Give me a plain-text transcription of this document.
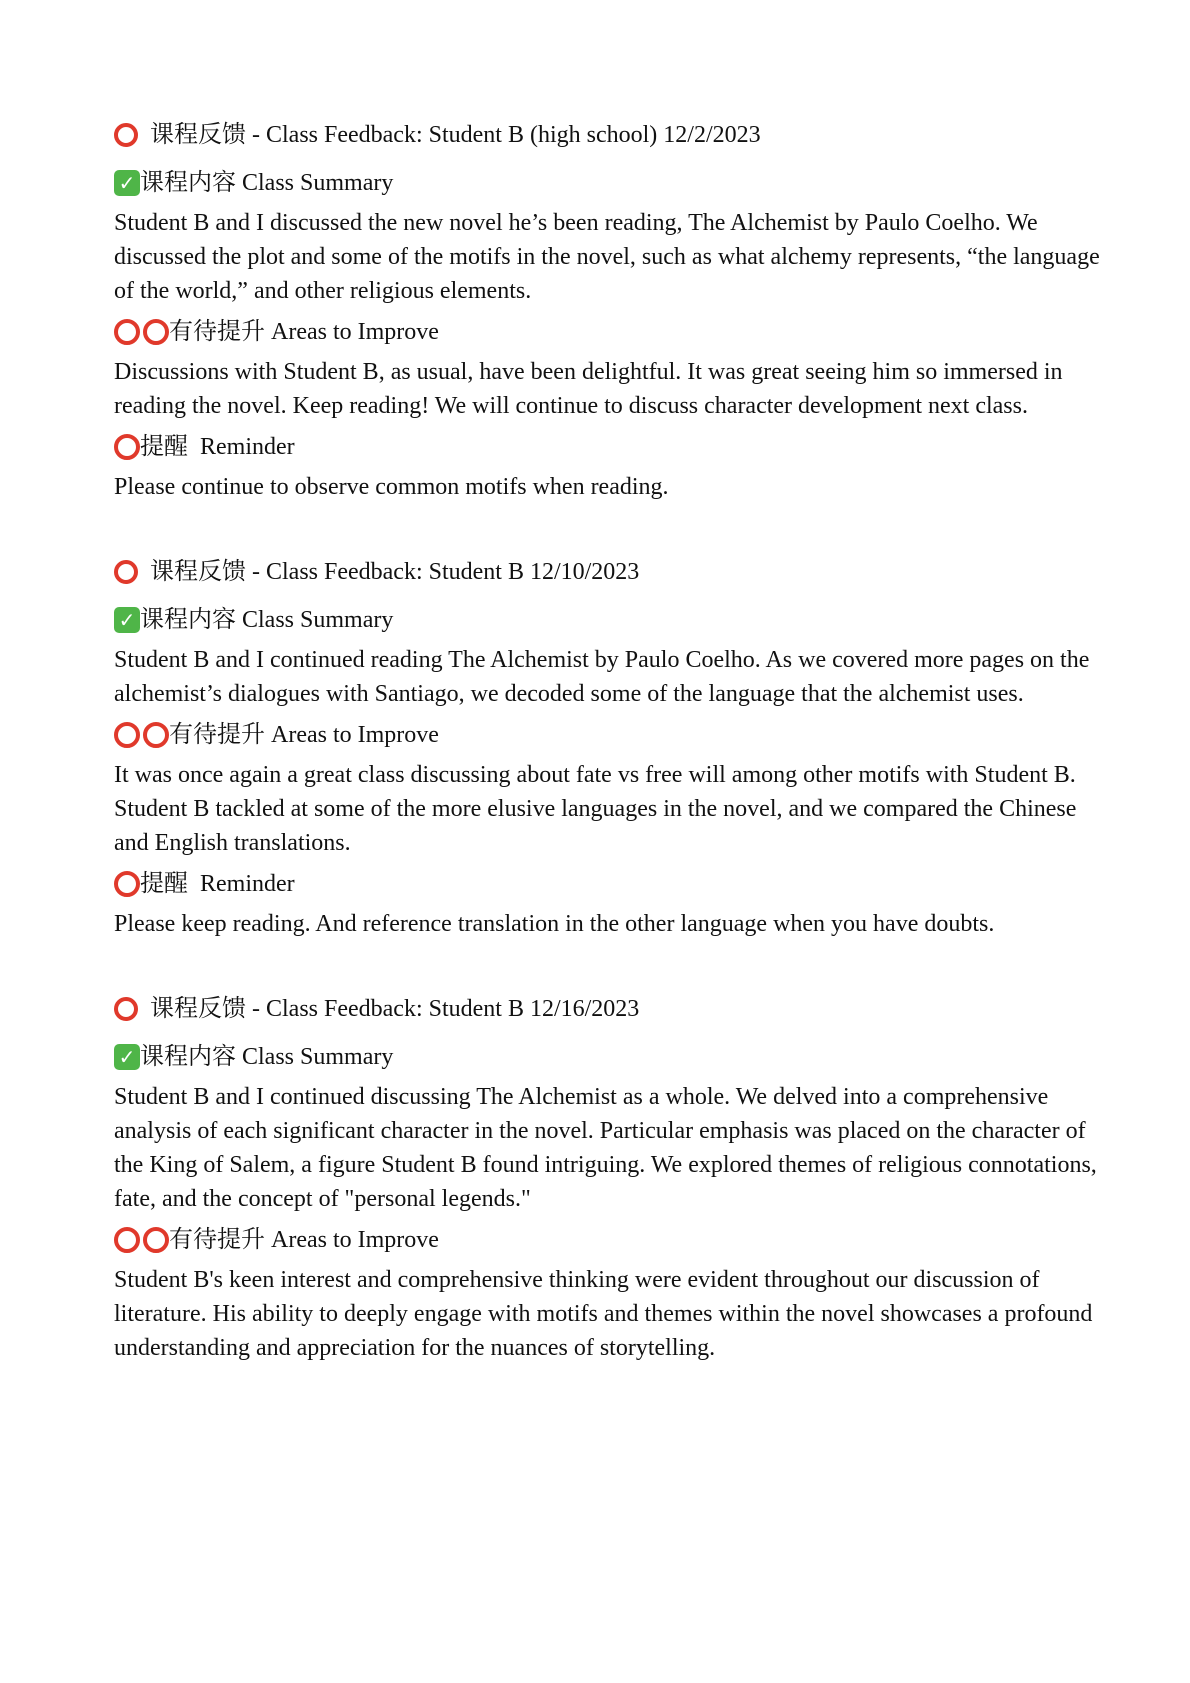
课程反馈 - Class Feedback: Student B (high school) 12/2/2023
✓ 课程内容 Class Summary

Student B and I discussed the new novel he’s been reading, The Alchemist by Paulo Coelho. We discussed the plot and some of the motifs in the novel, such as what alchemy represents, “the language of the world,” and other religious elements.

有待提升 Areas to Improve

Discussions with Student B, as usual, have been delightful. It was great seeing him so immersed in reading the novel. Keep reading! We will continue to discuss character development next class.

提醒 Reminder

Please continue to observe common motifs when reading.

课程反馈 - Class Feedback: Student B 12/10/2023
✓ 课程内容 Class Summary

Student B and I continued reading The Alchemist by Paulo Coelho. As we covered more pages on the alchemist’s dialogues with Santiago, we decoded some of the language that the alchemist uses.

有待提升 Areas to Improve

It was once again a great class discussing about fate vs free will among other motifs with Student B. Student B tackled at some of the more elusive languages in the novel, and we compared the Chinese and English translations.

提醒 Reminder

Please keep reading. And reference translation in the other language when you have doubts.

课程反馈 - Class Feedback: Student B 12/16/2023
✓ 课程内容 Class Summary

Student B and I continued discussing The Alchemist as a whole. We delved into a comprehensive analysis of each significant character in the novel. Particular emphasis was placed on the character of the King of Salem, a figure Student B found intriguing. We explored themes of religious connotations, fate, and the concept of "personal legends."

有待提升 Areas to Improve

Student B's keen interest and comprehensive thinking were evident throughout our discussion of literature. His ability to deeply engage with motifs and themes within the novel showcases a profound understanding and appreciation for the nuances of storytelling.
